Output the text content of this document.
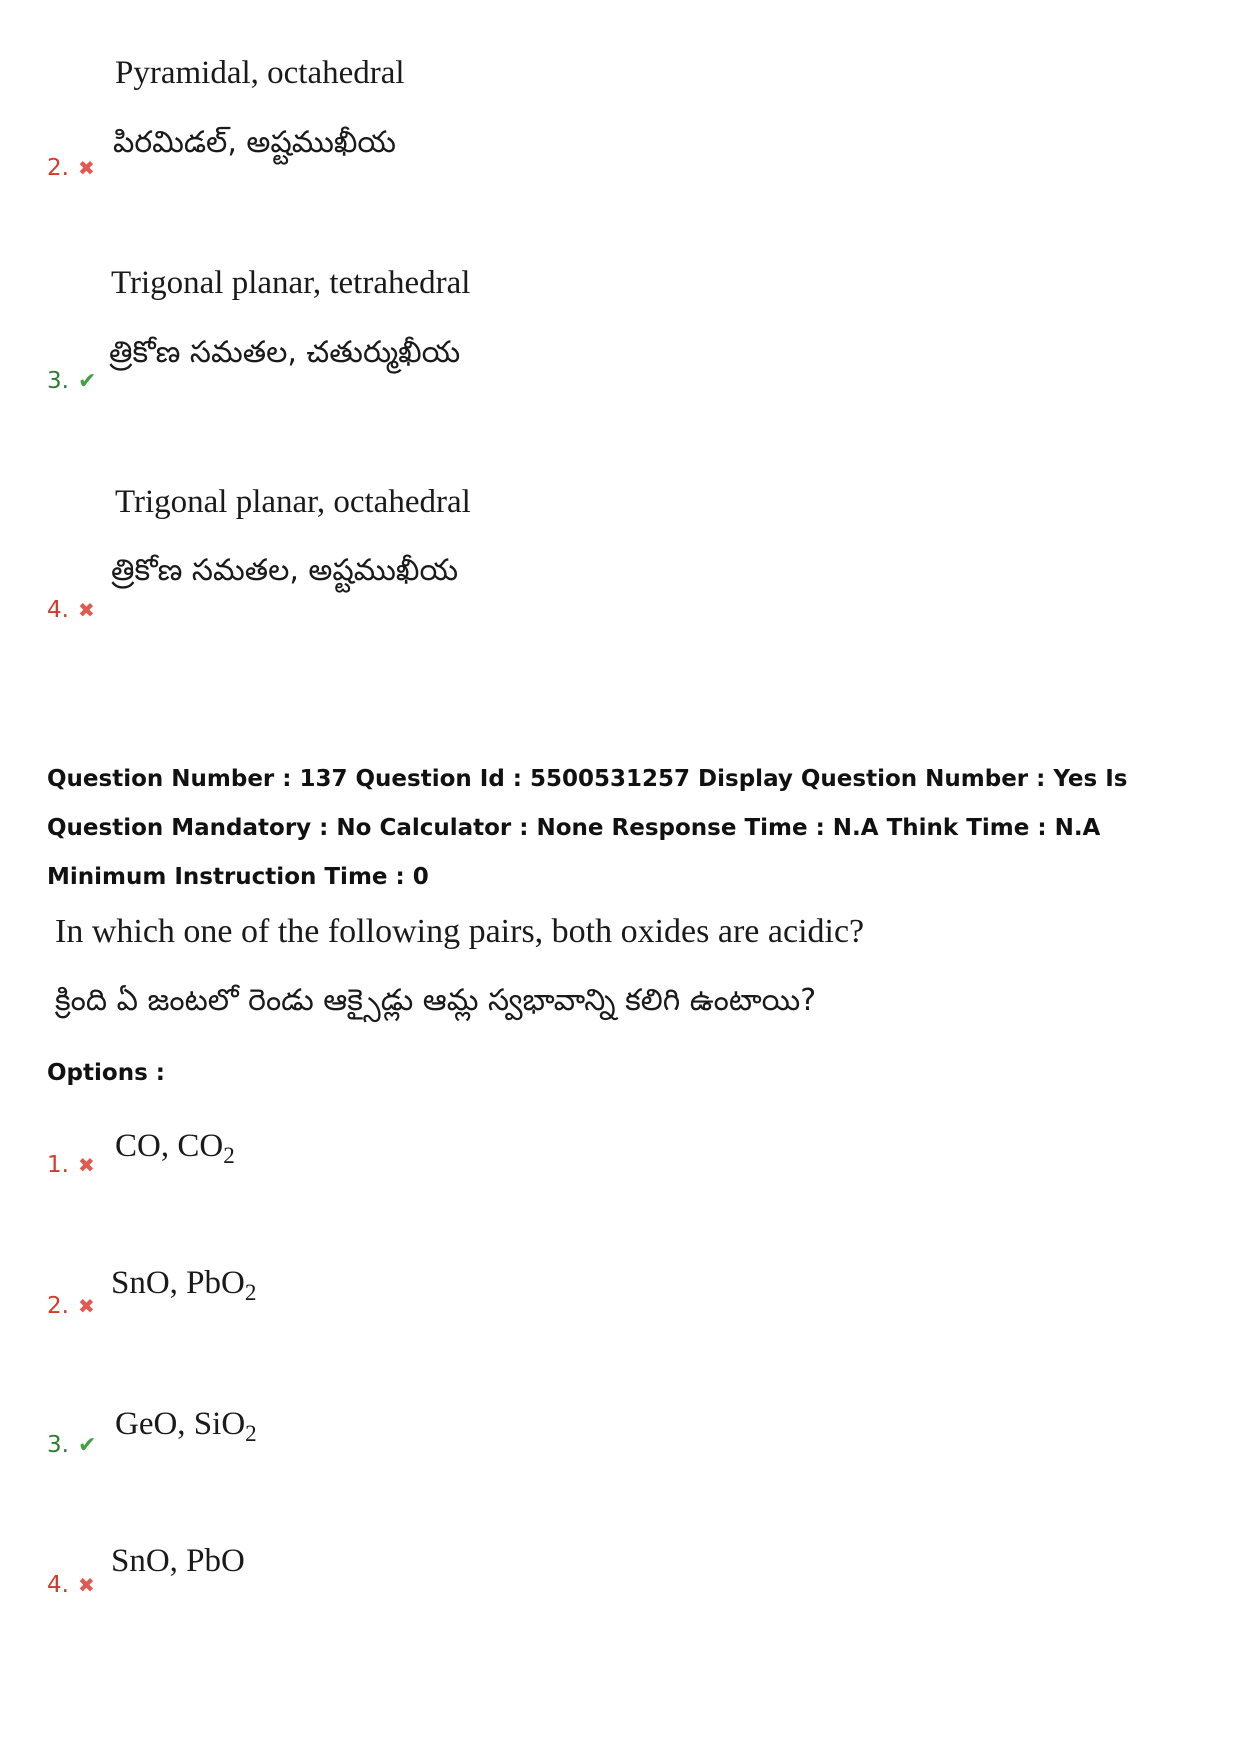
Pyramidal, octahedral
పిరమిడల్, అష్టముఖీయ
2. ✖
Trigonal planar, tetrahedral
త్రికోణ సమతల, చతుర్ముఖీయ
3. ✔
Trigonal planar, octahedral
త్రికోణ సమతల, అష్టముఖీయ
4. ✖
Question Number : 137 Question Id : 5500531257 Display Question Number : Yes Is Question Mandatory : No Calculator : None Response Time : N.A Think Time : N.A Minimum Instruction Time : 0
In which one of the following pairs, both oxides are acidic?
క్రింది ఏ జంటలో రెండు ఆక్సైడ్లు ఆమ్ల స్వభావాన్ని కలిగి ఉంటాయి?
Options :
CO, $CO_2$
1. ✖
SnO, PbO$_2$
2. ✖
GeO, SiO$_2$
3. ✔
SnO, PbO
4. ✖
